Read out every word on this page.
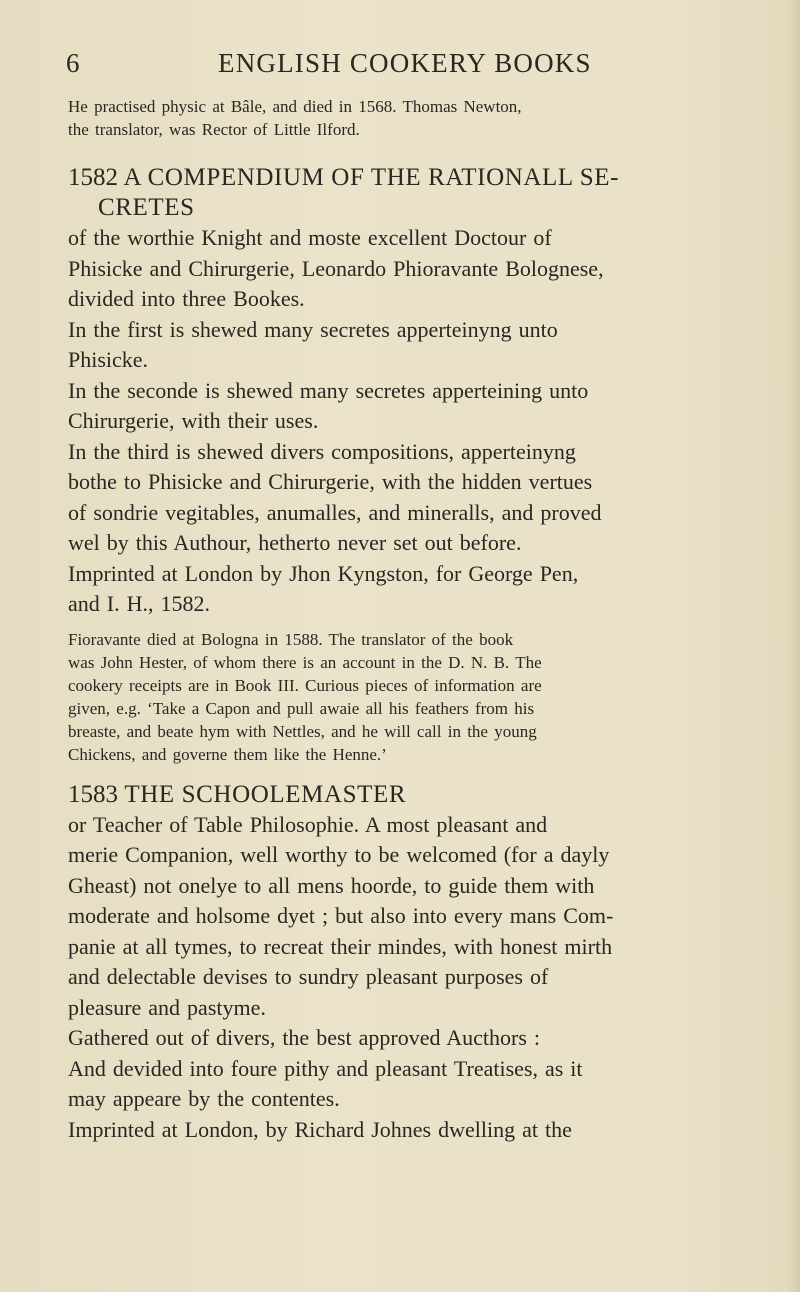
6	ENGLISH COOKERY BOOKS

He practised physic at Bâle, and died in 1568. Thomas Newton,

the translator, was Rector of Little Ilford.

1582 A COMPENDIUM OF THE RATIONALL SE-
CRETES

of the worthie Knight and moste excellent Doctour of

Phisicke and Chirurgerie, Leonardo Phioravante Bolognese,

divided into three Bookes.

In the first is shewed many secretes apperteinyng unto

Phisicke.

In the seconde is shewed many secretes apperteining unto

Chirurgerie, with their uses.

In the third is shewed divers compositions, apperteinyng

bothe to Phisicke and Chirurgerie, with the hidden vertues

of sondrie vegitables, anumalles, and mineralls, and proved

wel by this Authour, hetherto never set out before.

Imprinted at London by Jhon Kyngston, for George Pen,

and I. H., 1582.

Fioravante died at Bologna in 1588. The translator of the book

was John Hester, of whom there is an account in the D. N. B. The

cookery receipts are in Book III. Curious pieces of information are

given, e.g. ‘Take a Capon and pull awaie all his feathers from his

breaste, and beate hym with Nettles, and he will call in the young

Chickens, and governe them like the Henne.’

1583 THE SCHOOLEMASTER

or Teacher of Table Philosophie. A most pleasant and

merie Companion, well worthy to be welcomed (for a dayly

Gheast) not onelye to all mens hoorde, to guide them with

moderate and holsome dyet ; but also into every mans Com-

panie at all tymes, to recreat their mindes, with honest mirth

and delectable devises to sundry pleasant purposes of

pleasure and pastyme.

Gathered out of divers, the best approved Aucthors :

And devided into foure pithy and pleasant Treatises, as it

may appeare by the contentes.

Imprinted at London, by Richard Johnes dwelling at the
